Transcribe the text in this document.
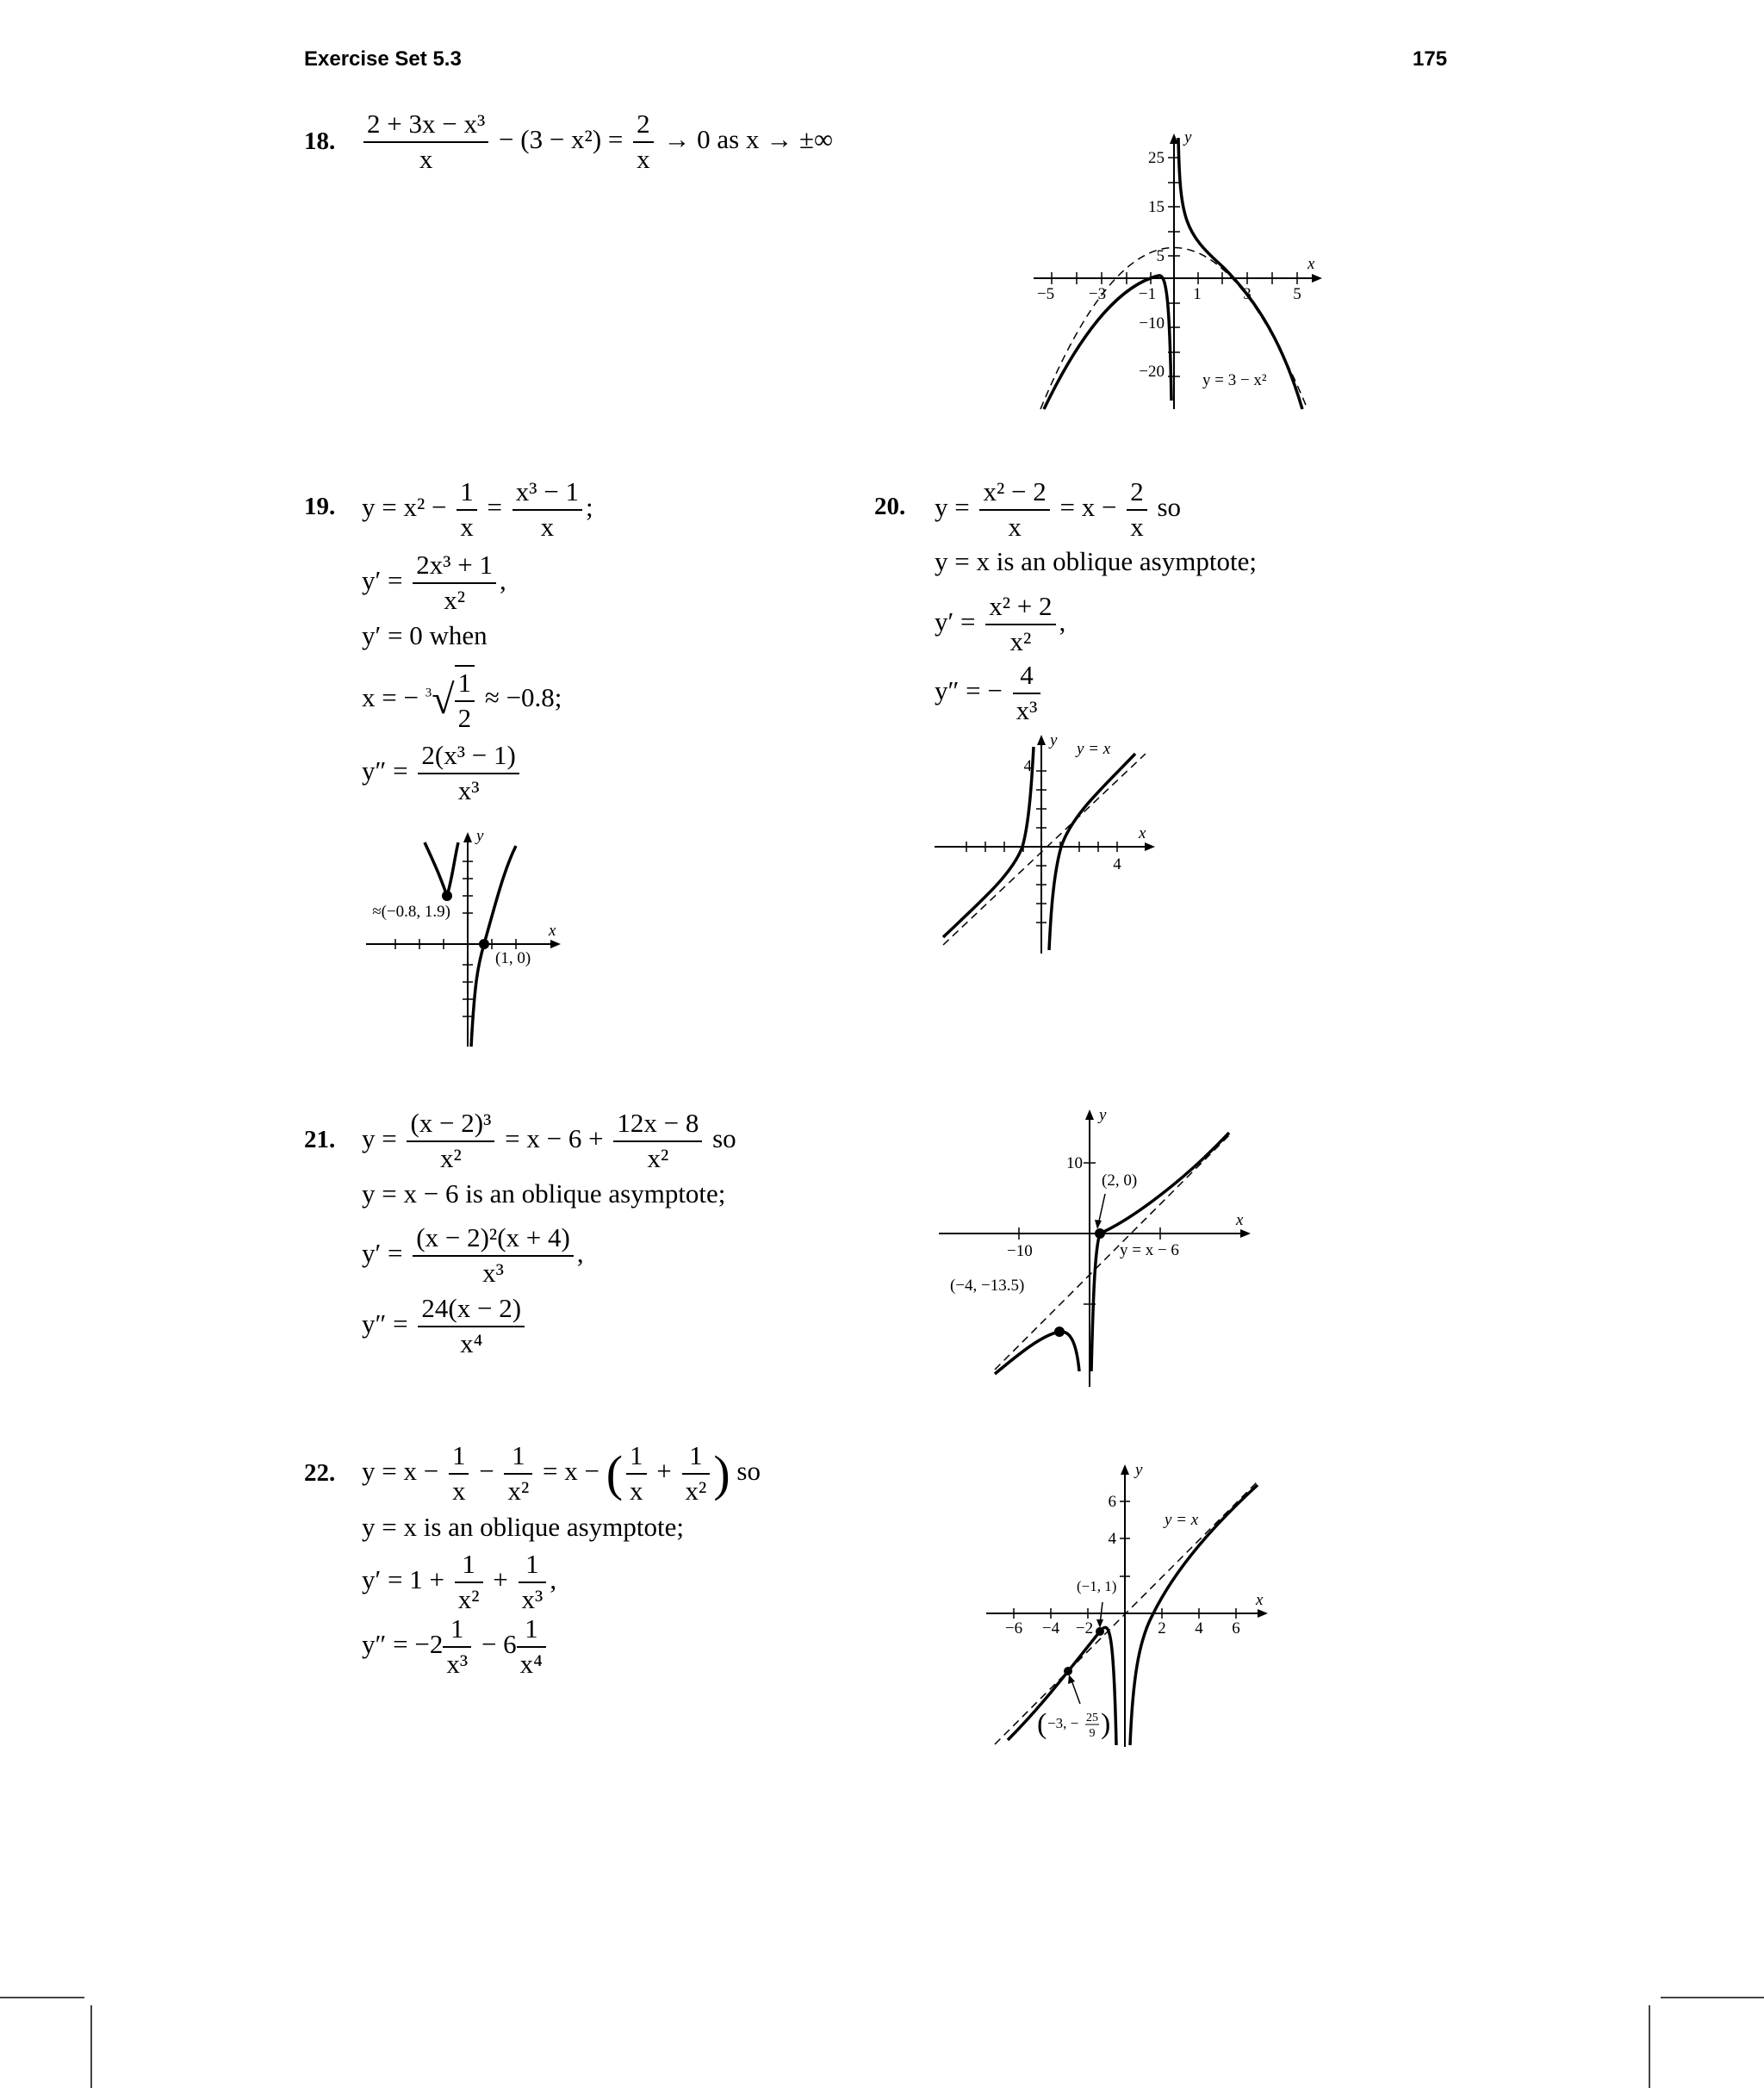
Exercise Set 5.3	175
18. $\frac{\text{2 + 3x − x³}}{x} - (3 - x^2) = \frac{2}{x} \to 0$ as x → ±∞
−5 −3 −1 1	3	5
25
15
5
−10
−20
x
y
y = 3 − x²
19. $y = x^2 - \frac{1}{x} = \frac{\text{x³ − 1}}{x}$ ;
$y' = \frac{\text{2x³ + 1}}{\text{x²}}$ ,
y′ = 0 when
x = − $^3√ \frac{1}{2} \approx -0.8$;
$y'' = \frac{\text{2(x³ − 1)}}{\text{x³}}$
≈(−0.8, 1.9)
(1, 0)
x
y
20. $y = \frac{\text{x² − 2}}{x} = x - \frac{2}{x}$ so
y = x is an oblique asymptote;
$y' = \frac{\text{x² + 2}}{\text{x²}}$ ,
y″ = − $\frac{4}{\text{x³}}$
4
4
y = x
x
y
21. $y = \frac{\text{(x − 2)³}}{\text{x²}} = x - 6 + \frac{12x - 8}{\text{x²}}$ so
y = x − 6 is an oblique asymptote;
$y' = \frac{\text{(x − 2)²(x + 4)}}{\text{x³}}$ ,
$y'' = \frac{24(x - 2)}{\text{x⁴}}$
10
−10
(2, 0)
(−4, −13.5)
y = x − 6
x
y
22. $y = x - \frac{1}{x} - \frac{1}{\text{x²}} = x$ − ( $\frac{1}{x} + \frac{1}{\text{x²}}$ ) so
y = x is an oblique asymptote;
$y' = 1 + \frac{1}{\text{x²}} + \frac{1}{\text{x³}}$ ,
$y'' = -2 \frac{1}{\text{x³}} - 6 \frac{1}{\text{x⁴}}$	−6 −4 −2	2 4 6
6
4
(−1, 1)
( −3, − 25
9 )
y = x
x
y
